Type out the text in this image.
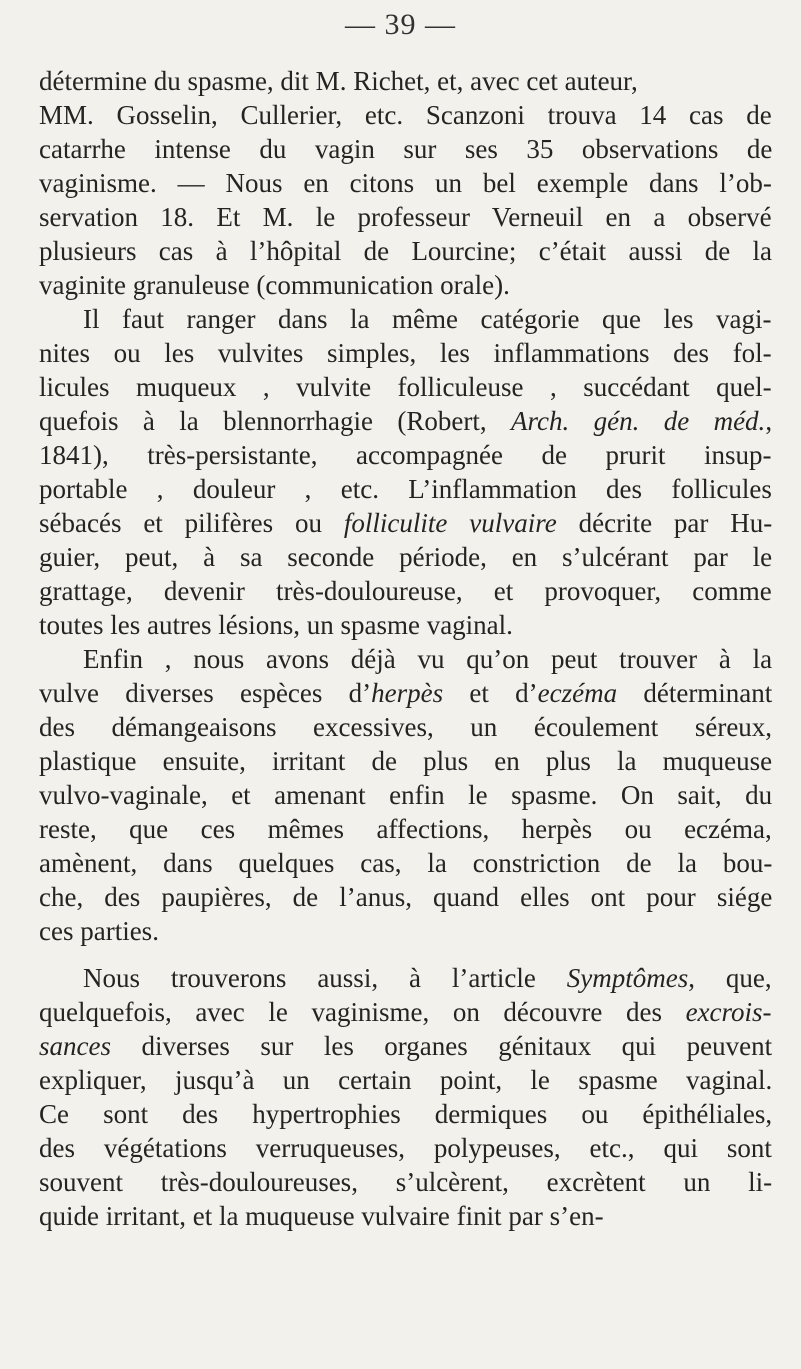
— 39 —
détermine du spasme, dit M. Richet, et, avec cet auteur,
MM. Gosselin, Cullerier, etc. Scanzoni trouva 14 cas de
catarrhe intense du vagin sur ses 35 observations de
vaginisme. — Nous en citons un bel exemple dans l’ob-
servation 18. Et M. le professeur Verneuil en a observé
plusieurs cas à l’hôpital de Lourcine; c’était aussi de la
vaginite granuleuse (communication orale).
Il faut ranger dans la même catégorie que les vagi-
nites ou les vulvites simples, les inflammations des fol-
licules muqueux , vulvite folliculeuse , succédant quel-
quefois à la blennorrhagie (Robert, Arch. gén. de méd.,
1841), très-persistante, accompagnée de prurit insup-
portable , douleur , etc. L’inflammation des follicules
sébacés et pilifères ou folliculite vulvaire décrite par Hu-
guier, peut, à sa seconde période, en s’ulcérant par le
grattage, devenir très-douloureuse, et provoquer, comme
toutes les autres lésions, un spasme vaginal.
Enfin , nous avons déjà vu qu’on peut trouver à la
vulve diverses espèces d’herpès et d’eczéma déterminant
des démangeaisons excessives, un écoulement séreux,
plastique ensuite, irritant de plus en plus la muqueuse
vulvo-vaginale, et amenant enfin le spasme. On sait, du
reste, que ces mêmes affections, herpès ou eczéma,
amènent, dans quelques cas, la constriction de la bou-
che, des paupières, de l’anus, quand elles ont pour siége
ces parties.
Nous trouverons aussi, à l’article Symptômes, que,
quelquefois, avec le vaginisme, on découvre des excrois-
sances diverses sur les organes génitaux qui peuvent
expliquer, jusqu’à un certain point, le spasme vaginal.
Ce sont des hypertrophies dermiques ou épithéliales,
des végétations verruqueuses, polypeuses, etc., qui sont
souvent très-douloureuses, s’ulcèrent, excrètent un li-
quide irritant, et la muqueuse vulvaire finit par s’en-
